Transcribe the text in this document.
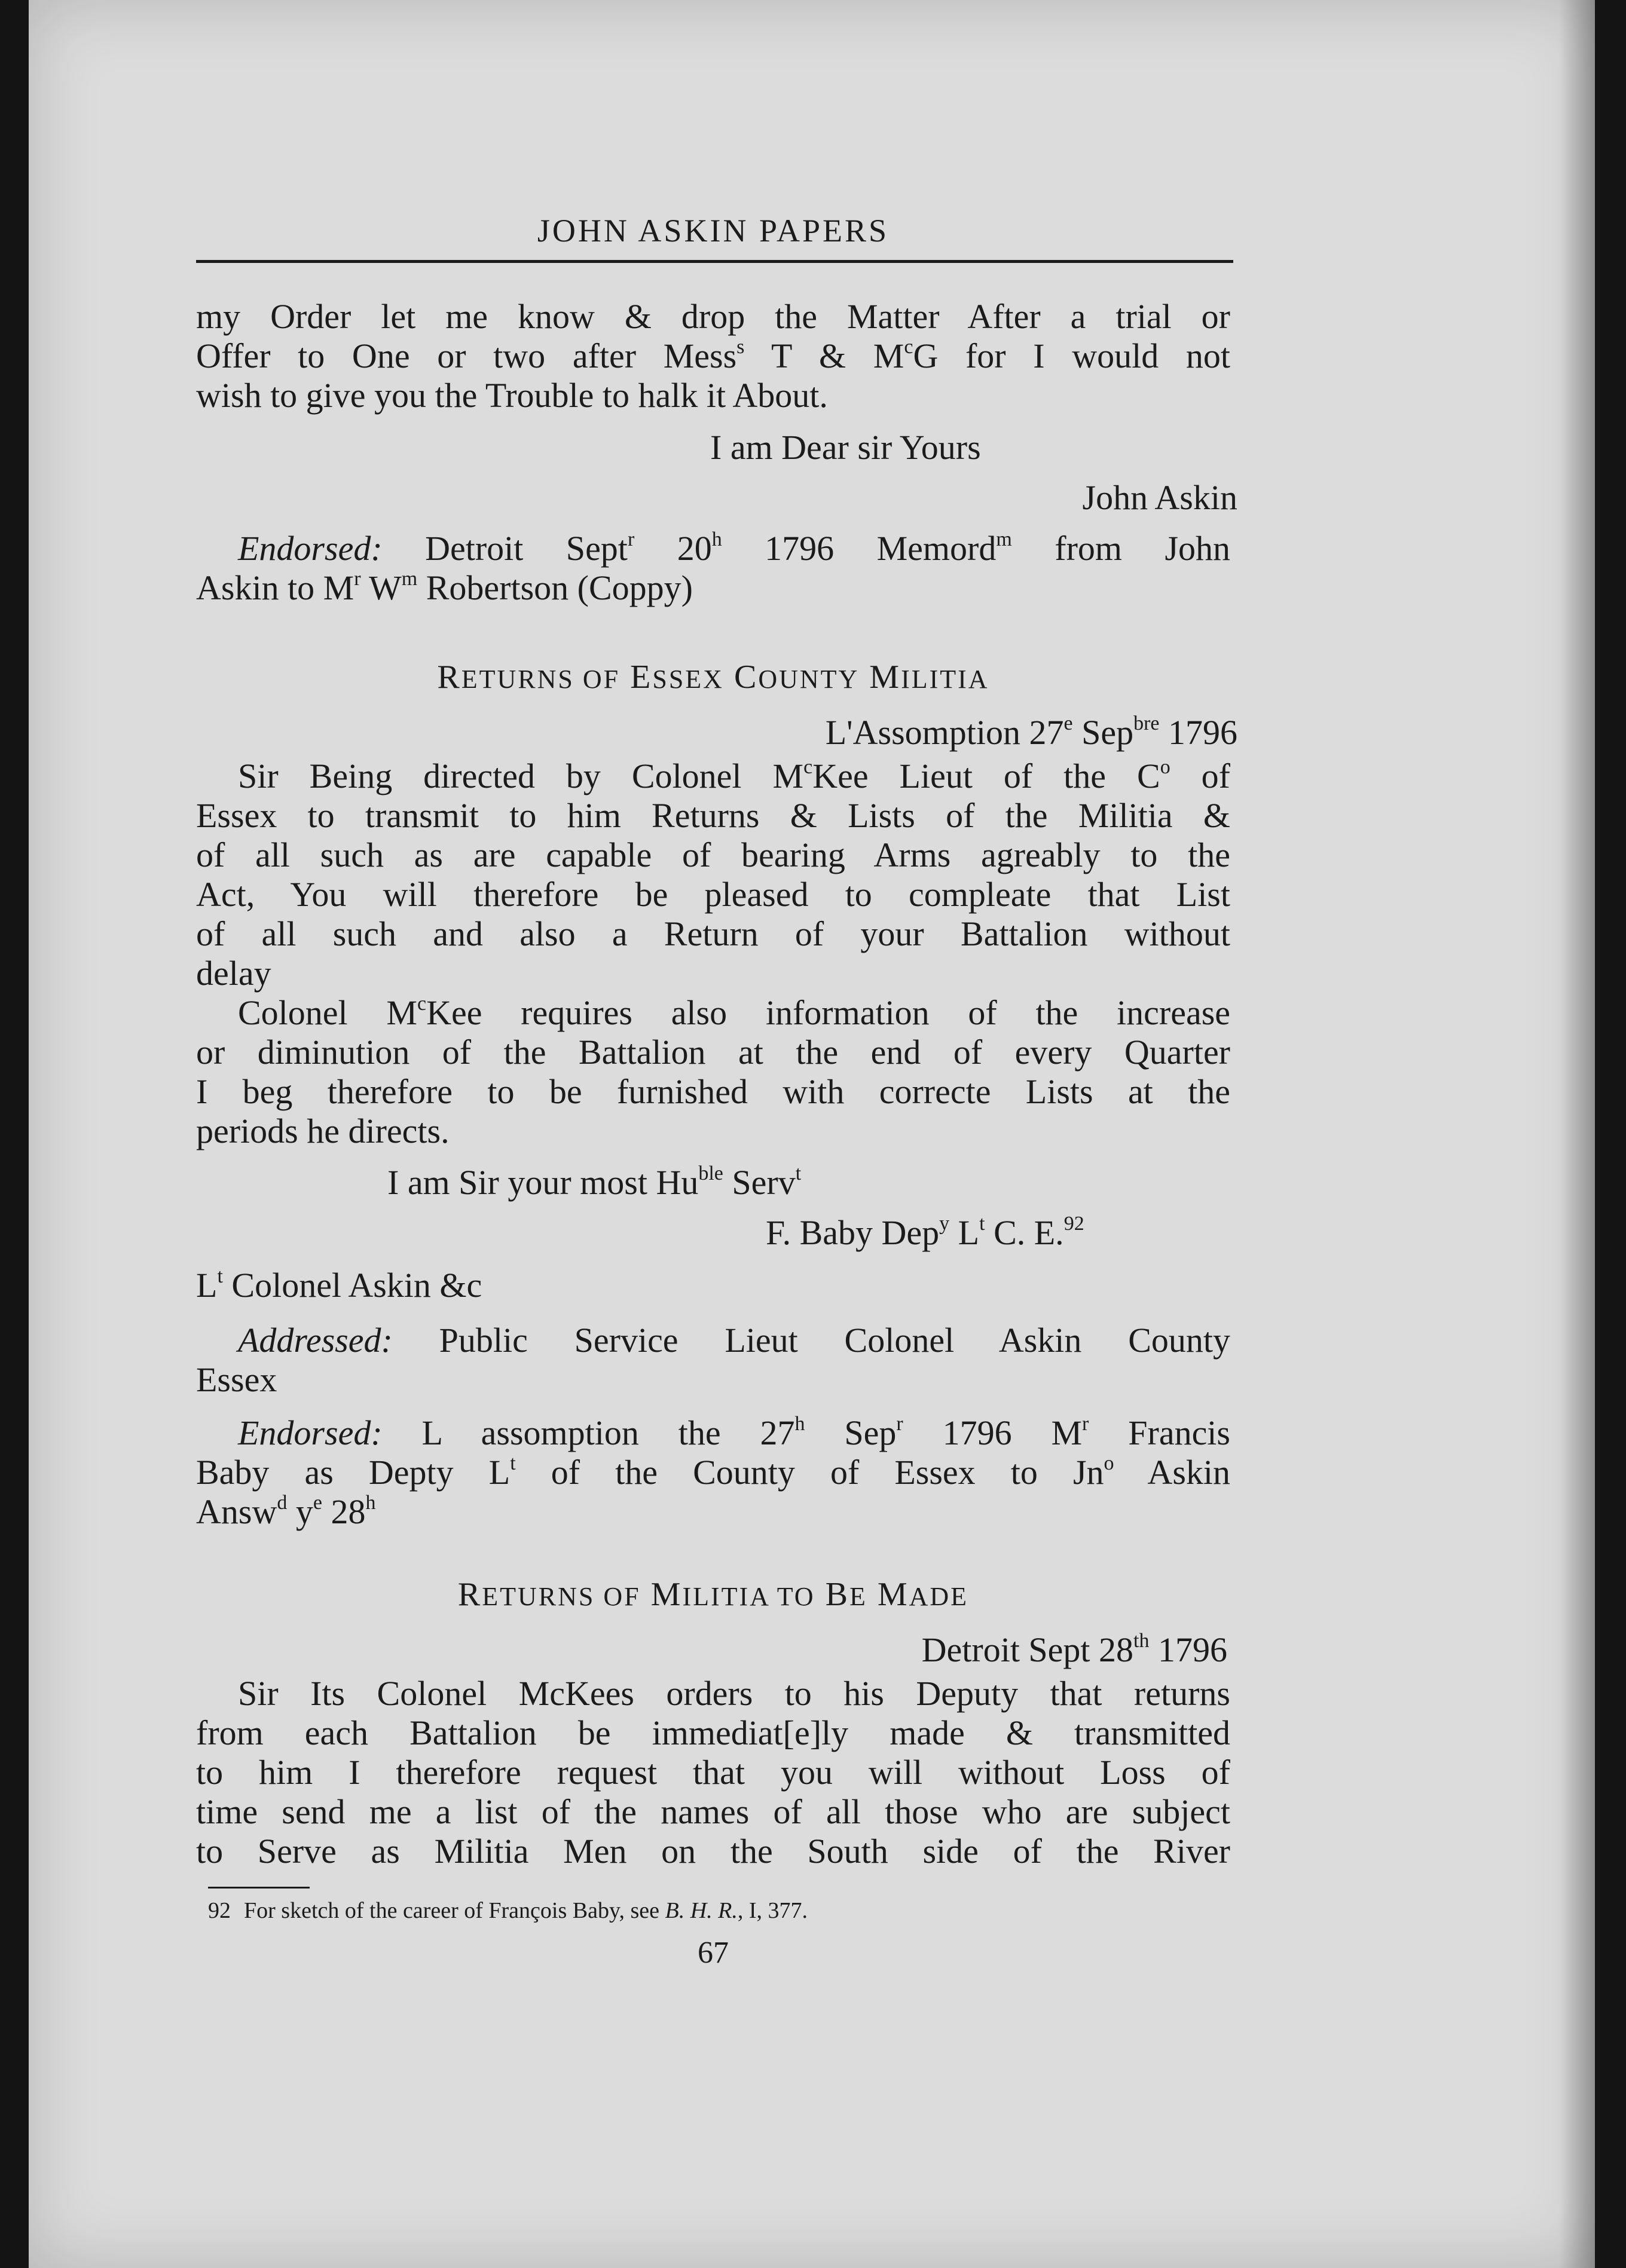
JOHN ASKIN PAPERS
my Order let me know & drop the Matter After a trial or
Offer to One or two after Mess$^s$ T & $M^cG$ for I would not
wish to give you the Trouble to halk it About.
I am Dear sir Yours
John Askin
Endorsed: Detroit Sept$^r$ 20$^h$ 1796 Memord$^m$ from John
Askin to $M^r$ $W^m$ Robertson (Coppy)
RETURNS OF ESSEX COUNTY MILITIA
L'Assomption 27e Sep$^{bre}$ 1796
Sir Being directed by Colonel $M^cKee$ Lieut of the $C^o$ of
Essex to transmit to him Returns & Lists of the Militia &
of all such as are capable of bearing Arms agreably to the
Act, You will therefore be pleased to compleate that List
of all such and also a Return of your Battalion without
delay
Colonel $M^cKee$ requires also information of the increase
or diminution of the Battalion at the end of every Quarter
I beg therefore to be furnished with correcte Lists at the
periods he directs.
I am Sir your most $Hu^{ble}$ Serv$^t$
F. Baby Dep$^y$ $L^t$ C. E.$^{92}$
$L^t$ Colonel Askin &c
Addressed: Public Service Lieut Colonel Askin County
Essex
Endorsed: L assomption the 27$^h$ Sep$^r$ 1796 $M^r$ Francis
Baby as Depty $L^t$ of the County of Essex to Jn$^o$ Askin
Answ$^d$ $y^e$ 28$^h$
RETURNS OF MILITIA TO BE MADE
Detroit Sept 28th 1796
Sir Its Colonel McKees orders to his Deputy that returns
from each Battalion be immediat[e]ly made & transmitted
to him I therefore request that you will without Loss of
time send me a list of the names of all those who are subject
to Serve as Militia Men on the South side of the River
92 For sketch of the career of François Baby, see B. H. R., I, 377.
67
